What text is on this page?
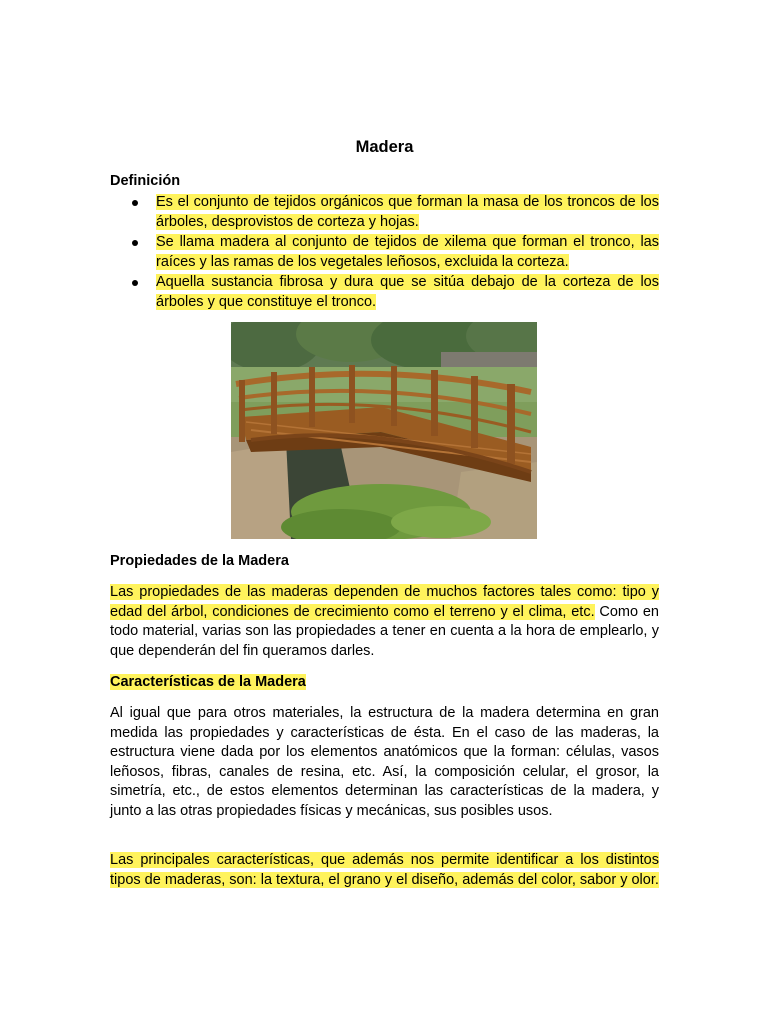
Madera
Definición
Es el conjunto de tejidos orgánicos que forman la masa de los troncos de los árboles, desprovistos de corteza y hojas.
Se llama madera al conjunto de tejidos de xilema que forman el tronco, las raíces y las ramas de los vegetales leñosos, excluida la corteza.
Aquella sustancia fibrosa y dura que se sitúa debajo de la corteza de los árboles y que constituye el tronco.
Propiedades de la Madera

Las propiedades de las maderas dependen de muchos factores tales como: tipo y edad del árbol, condiciones de crecimiento como el terreno y el clima, etc. Como en todo material, varias son las propiedades a tener en cuenta a la hora de emplearlo, y que dependerán del fin queramos darles.

Características de la Madera

Al igual que para otros materiales, la estructura de la madera determina en gran medida las propiedades y características de ésta. En el caso de las maderas, la estructura viene dada por los elementos anatómicos que la forman: células, vasos leñosos, fibras, canales de resina, etc. Así, la composición celular, el grosor, la simetría, etc., de estos elementos determinan las características de la madera, y junto a las otras propiedades físicas y mecánicas, sus posibles usos.

Las principales características, que además nos permite identificar a los distintos tipos de maderas, son: la textura, el grano y el diseño, además del color, sabor y olor.
